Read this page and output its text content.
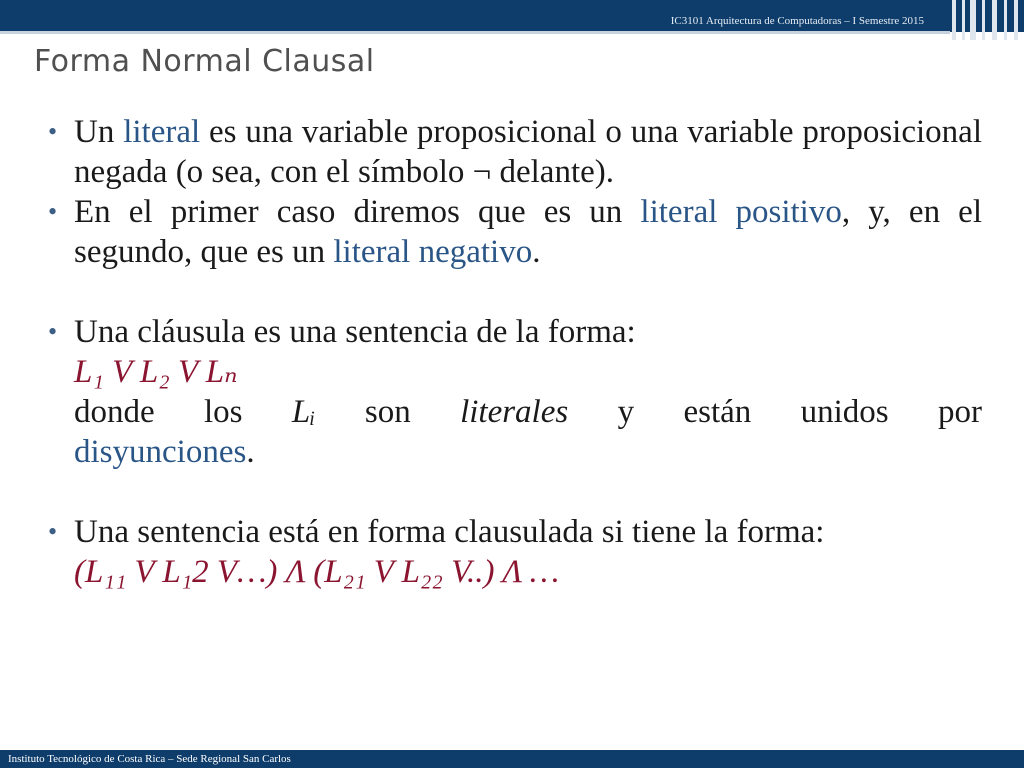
IC3101 Arquitectura de Computadoras – I Semestre 2015
Forma Normal Clausal
• Un literal es una variable proposicional o una variable proposicional negada (o sea, con el símbolo ¬ delante).
• En el primer caso diremos que es un literal positivo, y, en el segundo, que es un literal negativo.
• Una cláusula es una sentencia de la forma:
L₁ V L₂ V Lₙ
donde los Lᵢ son literales y están unidos por
disyunciones.
• Una sentencia está en forma clausulada si tiene la forma:
(L₁₁ V L₁2 V…) Λ (L₂₁ V L₂₂ V..) Λ …
Instituto Tecnológico de Costa Rica – Sede Regional San Carlos
